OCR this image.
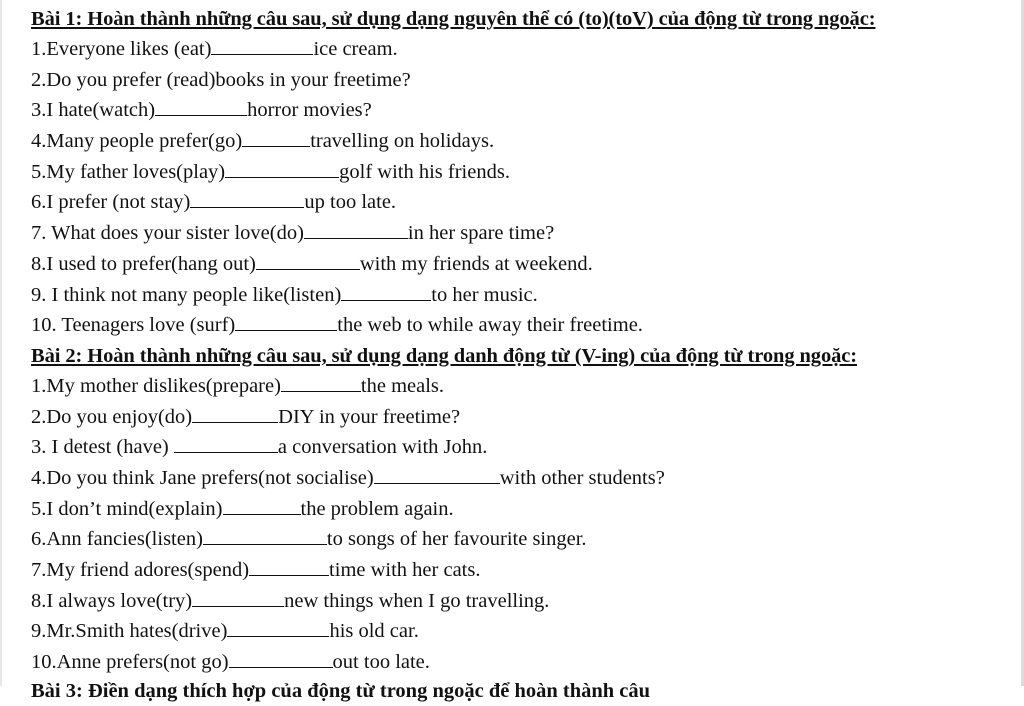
Bài 1: Hoàn thành những câu sau, sử dụng dạng nguyên thể có (to)(toV) của động từ trong ngoặc:
1.Everyone likes (eat)	ice cream.
2.Do you prefer (read)books in your freetime?
3.I hate(watch)	horror movies?
4.Many people prefer(go)	travelling on holidays.
5.My father loves(play)	golf with his friends.
6.I prefer (not stay)	up too late.
7. What does your sister love(do)	in her spare time?
8.I used to prefer(hang out)	with my friends at weekend.
9. I think not many people like(listen)	to her music.
10. Teenagers love (surf)	the web to while away their freetime.
Bài 2: Hoàn thành những câu sau, sử dụng dạng danh động từ (V-ing) của động từ trong ngoặc:
1.My mother dislikes(prepare)	the meals.
2.Do you enjoy(do)	DIY in your freetime?
3. I detest (have)	a conversation with John.
4.Do you think Jane prefers(not socialise)	with other students?
5.I don’t mind(explain)	the problem again.
6.Ann fancies(listen)	to songs of her favourite singer.
7.My friend adores(spend)	time with her cats.
8.I always love(try)	new things when I go travelling.
9.Mr.Smith hates(drive)	his old car.
10.Anne prefers(not go)	out too late.
Bài 3: Điền dạng thích hợp của động từ trong ngoặc để hoàn thành câu
